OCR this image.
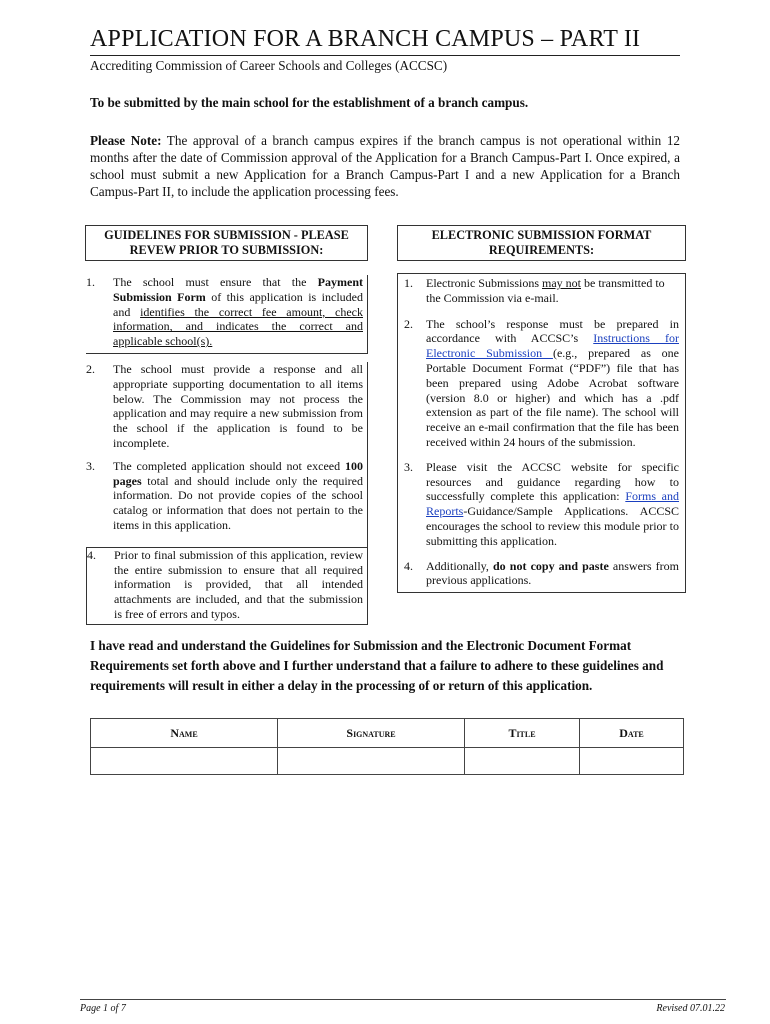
APPLICATION FOR A BRANCH CAMPUS – PART II
Accrediting Commission of Career Schools and Colleges (ACCSC)
To be submitted by the main school for the establishment of a branch campus.
Please Note: The approval of a branch campus expires if the branch campus is not operational within 12 months after the date of Commission approval of the Application for a Branch Campus-Part I. Once expired, a school must submit a new Application for a Branch Campus-Part I and a new Application for a Branch Campus-Part II, to include the application processing fees.
GUIDELINES FOR SUBMISSION - PLEASE REVEW PRIOR TO SUBMISSION:
ELECTRONIC SUBMISSION FORMAT REQUIREMENTS:
1. The school must ensure that the Payment Submission Form of this application is included and identifies the correct fee amount, check information, and indicates the correct and applicable school(s).
2. The school must provide a response and all appropriate supporting documentation to all items below. The Commission may not process the application and may require a new submission from the school if the application is found to be incomplete.
3. The completed application should not exceed 100 pages total and should include only the required information. Do not provide copies of the school catalog or information that does not pertain to the items in this application.
4. Prior to final submission of this application, review the entire submission to ensure that all required information is provided, that all intended attachments are included, and that the submission is free of errors and typos.
1. Electronic Submissions may not be transmitted to the Commission via e-mail.
2. The school’s response must be prepared in accordance with ACCSC’s Instructions for Electronic Submission (e.g., prepared as one Portable Document Format (“PDF”) file that has been prepared using Adobe Acrobat software (version 8.0 or higher) and which has a .pdf extension as part of the file name). The school will receive an e-mail confirmation that the file has been received within 24 hours of the submission.
3. Please visit the ACCSC website for specific resources and guidance regarding how to successfully complete this application: Forms and Reports-Guidance/Sample Applications. ACCSC encourages the school to review this module prior to submitting this application.
4. Additionally, do not copy and paste answers from previous applications.
I have read and understand the Guidelines for Submission and the Electronic Document Format Requirements set forth above and I further understand that a failure to adhere to these guidelines and requirements will result in either a delay in the processing of or return of this application.
Name	Signature	Title	Date

Page 1 of 7	Revised 07.01.22
